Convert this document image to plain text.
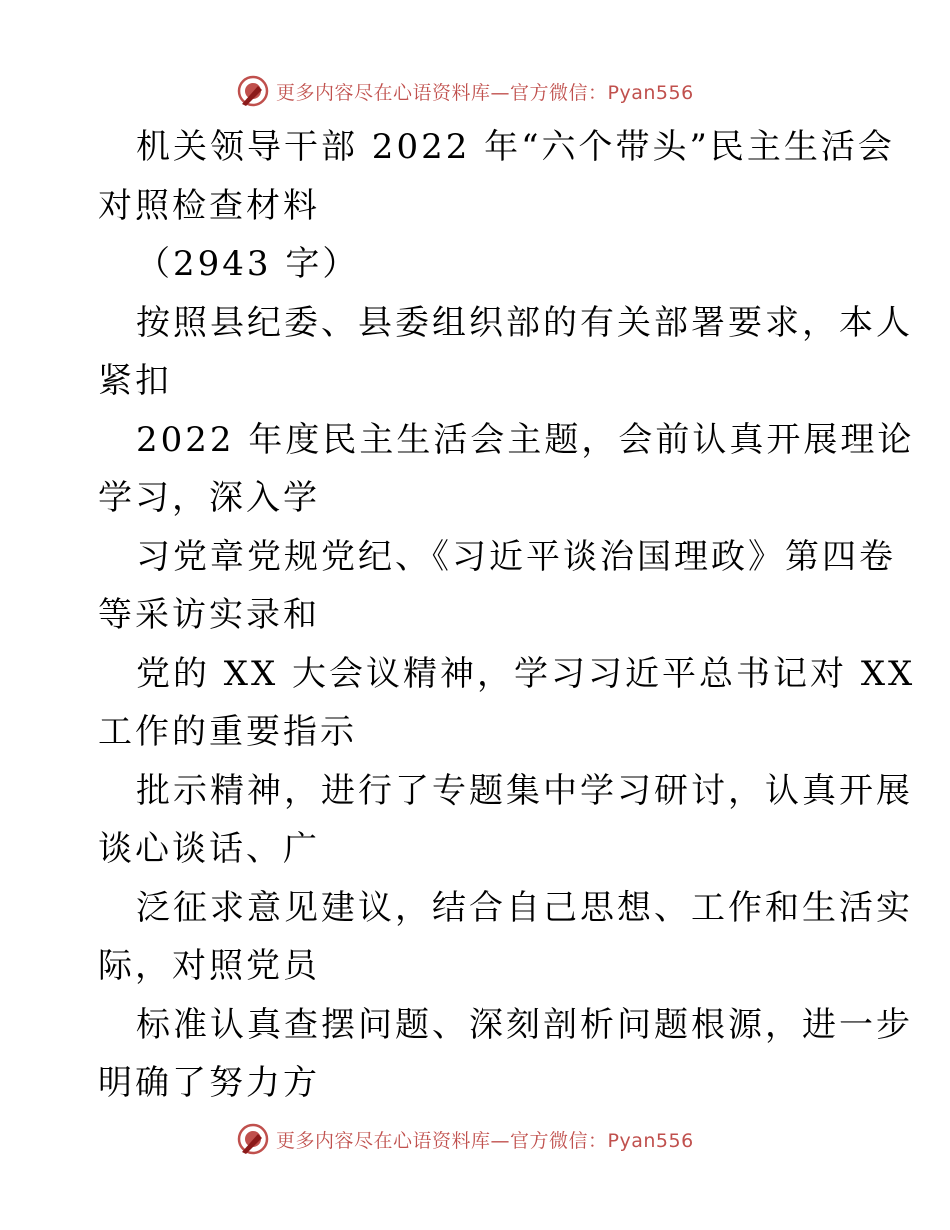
更多内容尽在心语资料库—官方微信：Pyan556
机关领导干部 2022 年“六个带头”民主生活会
对照检查材料
（2943 字）
按照县纪委、县委组织部的有关部署要求，本人
紧扣
2022 年度民主生活会主题，会前认真开展理论
学习，深入学
习党章党规党纪、《习近平谈治国理政》第四卷
等采访实录和
党的 XX 大会议精神，学习习近平总书记对 XX
工作的重要指示
批示精神，进行了专题集中学习研讨，认真开展
谈心谈话、广
泛征求意见建议，结合自己思想、工作和生活实
际，对照党员
标准认真查摆问题、深刻剖析问题根源，进一步
明确了努力方
更多内容尽在心语资料库—官方微信：Pyan556
